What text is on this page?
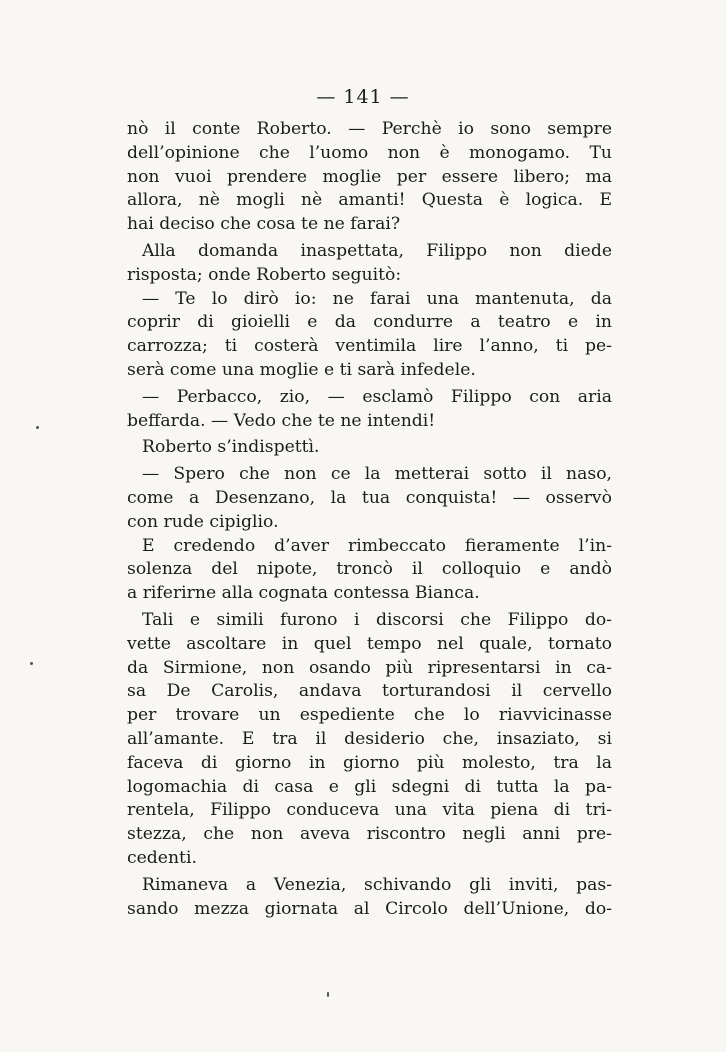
— 141 —
nò il conte Roberto. — Perchè io sono sempre
dell’opinione che l’uomo non è monogamo. Tu
non vuoi prendere moglie per essere libero; ma
allora, nè mogli nè amanti! Questa è logica. E
hai deciso che cosa te ne farai?
Alla domanda inaspettata, Filippo non diede
risposta; onde Roberto seguitò:
— Te lo dirò io: ne farai una mantenuta, da
coprir di gioielli e da condurre a teatro e in
carrozza; ti costerà ventimila lire l’anno, ti pe-
serà come una moglie e ti sarà infedele.
— Perbacco, zio, — esclamò Filippo con aria
beffarda. — Vedo che te ne intendi!
Roberto s’indispettì.
— Spero che non ce la metterai sotto il naso,
come a Desenzano, la tua conquista! — osservò
con rude cipiglio.
E credendo d’aver rimbeccato fieramente l’in-
solenza del nipote, troncò il colloquio e andò
a riferirne alla cognata contessa Bianca.
Tali e simili furono i discorsi che Filippo do-
vette ascoltare in quel tempo nel quale, tornato
da Sirmione, non osando più ripresentarsi in ca-
sa De Carolis, andava torturandosi il cervello
per trovare un espediente che lo riavvicinasse
all’amante. E tra il desiderio che, insaziato, si
faceva di giorno in giorno più molesto, tra la
logomachia di casa e gli sdegni di tutta la pa-
rentela, Filippo conduceva una vita piena di tri-
stezza, che non aveva riscontro negli anni pre-
cedenti.
Rimaneva a Venezia, schivando gli inviti, pas-
sando mezza giornata al Circolo dell’Unione, do-
